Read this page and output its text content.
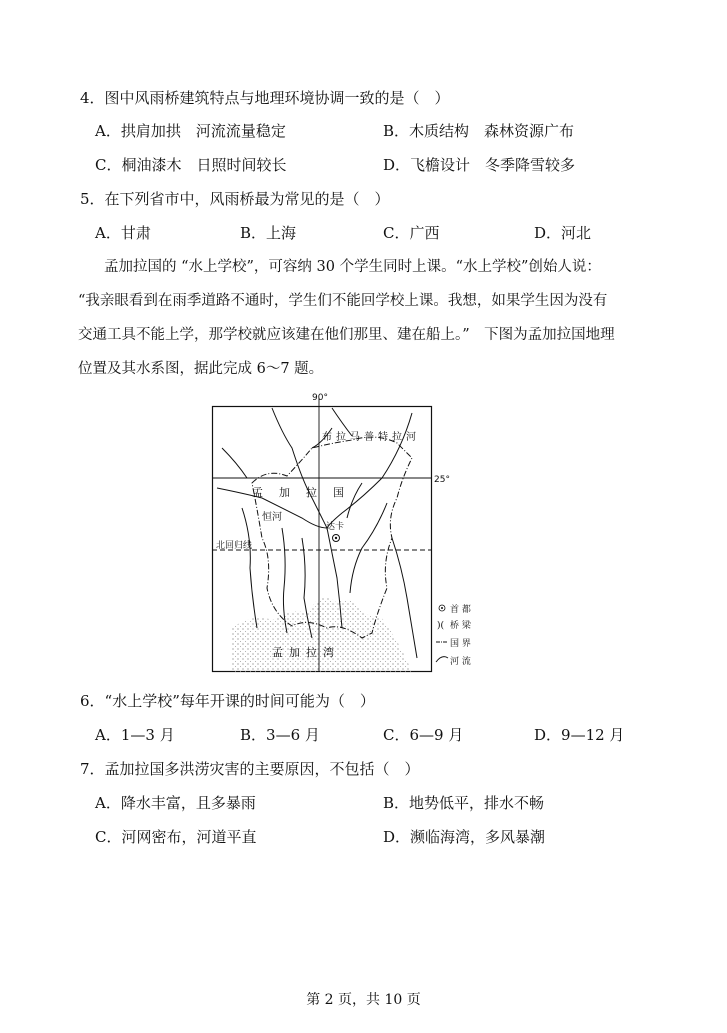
4．图中风雨桥建筑特点与地理环境协调一致的是（　）
A．拱肩加拱　河流流量稳定	B．木质结构　森林资源广布
C．桐油漆木　日照时间较长	D．飞檐设计　冬季降雪较多
5．在下列省市中，风雨桥最为常见的是（　）
A．甘肃	B．上海	C．广西	D．河北
孟加拉国的 “水上学校”，可容纳 30 个学生同时上课。“水上学校”创始人说：
“我亲眼看到在雨季道路不通时，学生们不能回学校上课。我想，如果学生因为没有
交通工具不能上学，那学校就应该建在他们那里、建在船上。”　下图为孟加拉国地理
位置及其水系图，据此完成 6～7 题。
90°
25°
布拉马普特拉河
孟加拉国
恒河
达卡
北回归线
孟加拉湾
首 都
)( 桥 梁
国 界
河 流
6．“水上学校”每年开课的时间可能为（　）
A．1—3 月	B．3—6 月	C．6—9 月	D．9—12 月
7．孟加拉国多洪涝灾害的主要原因，不包括（　）
A．降水丰富，且多暴雨	B．地势低平，排水不畅
C．河网密布，河道平直	D．濒临海湾，多风暴潮
第 2 页，共 10 页
